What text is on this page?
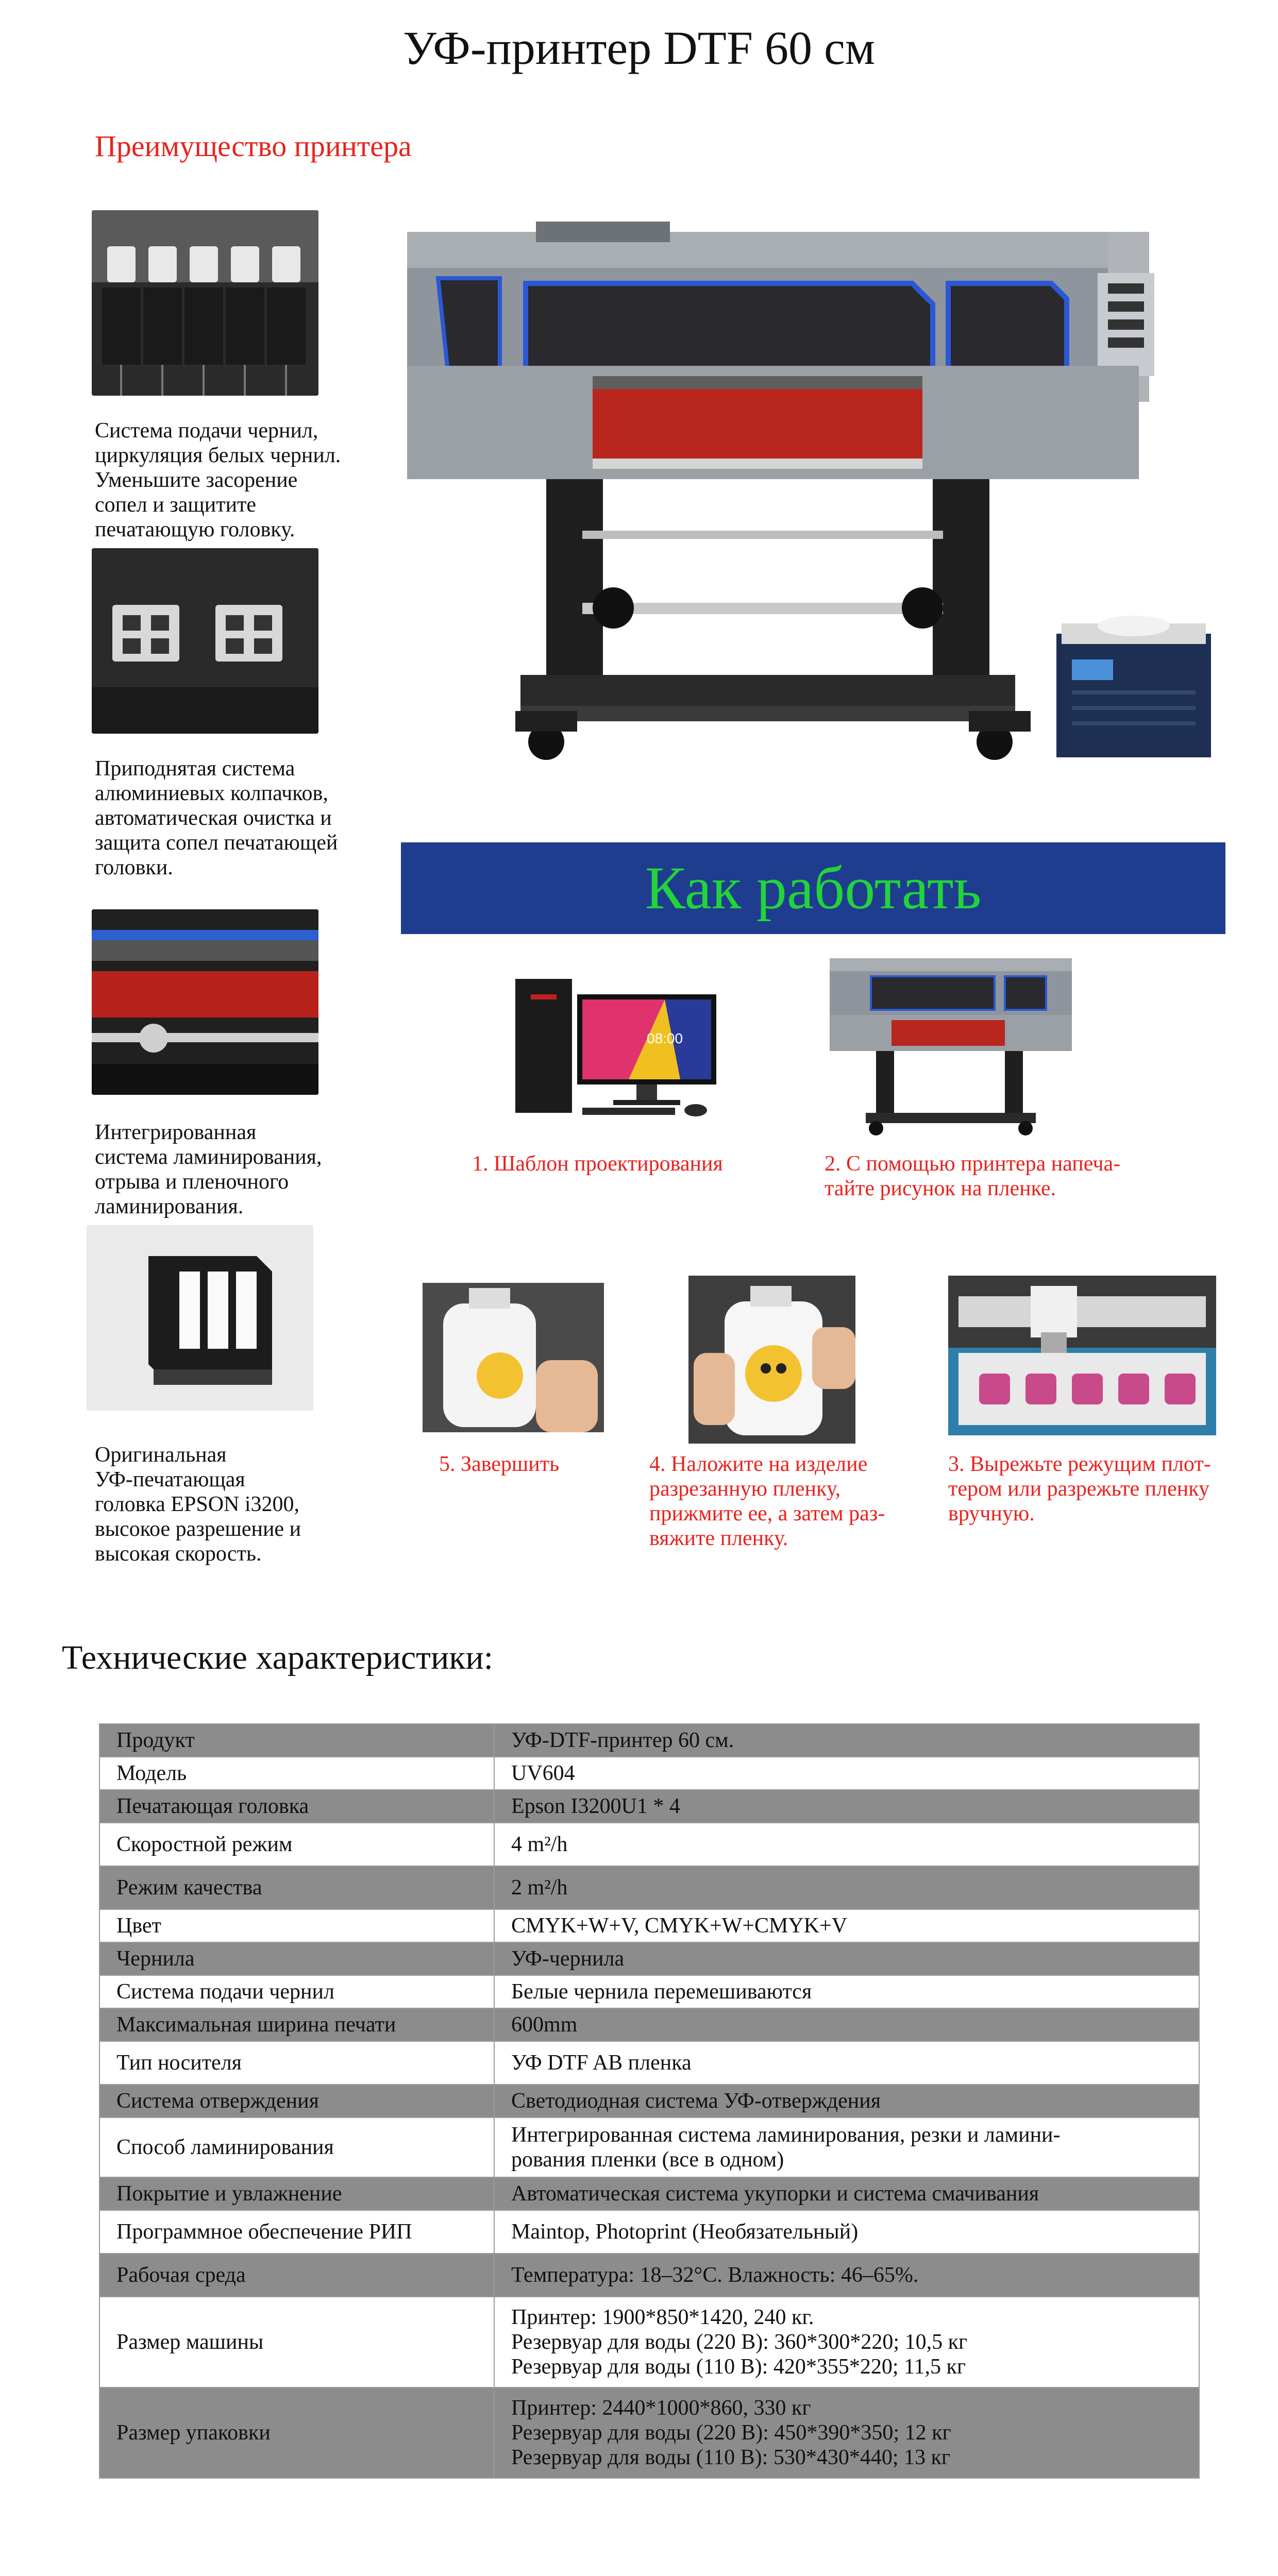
УФ-принтер DTF 60 см
Преимущество принтера
Система подачи чернил,
циркуляция белых чернил.
Уменьшите засорение
сопел и защитите
печатающую головку.
Приподнятая система
алюминиевых колпачков,
автоматическая очистка и
защита сопел печатающей
головки.
Интегрированная
система ламинирования,
отрыва и пленочного
ламинирования.
Оригинальная
УФ-печатающая
головка EPSON i3200,
высокое разрешение и
высокая скорость.
Как работать
08:00
1. Шаблон проектирования	2. С помощью принтера напеча-
тайте рисунок на пленке.
5. Завершить	4. Наложите на изделие
разрезанную пленку,
прижмите ее, а затем раз-
вяжите пленку.
3. Вырежьте режущим плот-
тером или разрежьте пленку
вручную.
Технические характеристики:
Продукт	УФ-DTF-принтер 60 см.

Модель	UV604

Печатающая головка	Epson I3200U1 * 4

Скоростной режим	4 m²/h

Режим качества	2 m²/h

Цвет	CMYK+W+V, CMYK+W+CMYK+V

Чернила	УФ-чернила

Система подачи чернил	Белые чернила перемешиваются

Максимальная ширина печати	600mm

Тип носителя	УФ DTF AB пленка

Система отверждения	Светодиодная система УФ-отверждения

Способ ламинирования	Интегрированная система ламинирования, резки и ламини-
рования пленки (все в одном)

Покрытие и увлажнение	Автоматическая система укупорки и система смачивания

Программное обеспечение РИП	Maintop, Photoprint (Необязательный)

Рабочая среда	Температура: 18–32°C. Влажность: 46–65%.

Размер машины	Принтер: 1900*850*1420, 240 кг.
Резервуар для воды (220 В): 360*300*220; 10,5 кг
Резервуар для воды (110 В): 420*355*220; 11,5 кг

Размер упаковки	Принтер: 2440*1000*860, 330 кг
Резервуар для воды (220 В): 450*390*350; 12 кг
Резервуар для воды (110 В): 530*430*440; 13 кг
